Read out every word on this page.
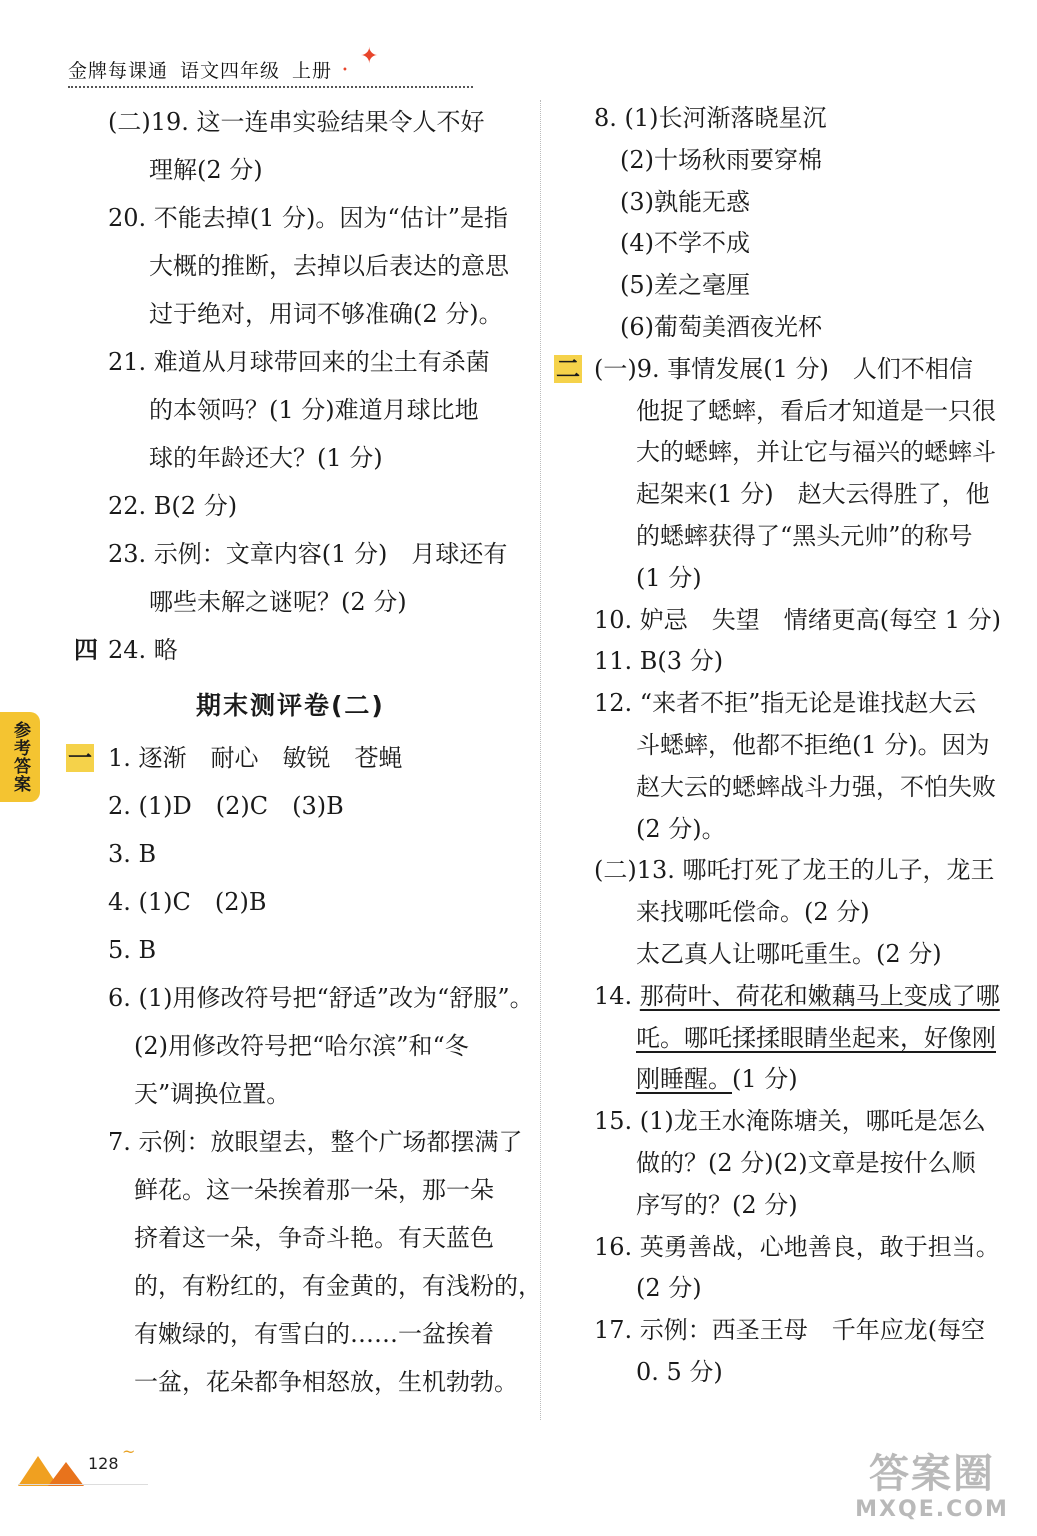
金牌每课通 语文四年级 上册
✦
•
参考答案
(二)19. 这一连串实验结果令人不好
理解(2 分)
20. 不能去掉(1 分)。因为“估计”是指
大概的推断，去掉以后表达的意思
过于绝对，用词不够准确(2 分)。
21. 难道从月球带回来的尘土有杀菌
的本领吗？(1 分)难道月球比地
球的年龄还大？(1 分)
22. B(2 分)
23. 示例：文章内容(1 分)　月球还有
哪些未解之谜呢？(2 分)
四 24. 略
期末测评卷(二)
一 1. 逐渐　耐心　敏锐　苍蝇
2. (1)D　(2)C　(3)B
3. B
4. (1)C　(2)B
5. B
6. (1)用修改符号把“舒适”改为“舒服”。
(2)用修改符号把“哈尔滨”和“冬
天”调换位置。
7. 示例：放眼望去，整个广场都摆满了
鲜花。这一朵挨着那一朵，那一朵
挤着这一朵，争奇斗艳。有天蓝色
的，有粉红的，有金黄的，有浅粉的，
有嫩绿的，有雪白的……一盆挨着
一盆，花朵都争相怒放，生机勃勃。
8. (1)长河渐落晓星沉
(2)十场秋雨要穿棉
(3)孰能无惑
(4)不学不成
(5)差之毫厘
(6)葡萄美酒夜光杯
二 (一)9. 事情发展(1 分)　人们不相信
他捉了蟋蟀，看后才知道是一只很
大的蟋蟀，并让它与福兴的蟋蟀斗
起架来(1 分)　赵大云得胜了，他
的蟋蟀获得了“黑头元帅”的称号
(1 分)
10. 妒忌　失望　情绪更高(每空 1 分)
11. B(3 分)
12. “来者不拒”指无论是谁找赵大云
斗蟋蟀，他都不拒绝(1 分)。因为
赵大云的蟋蟀战斗力强，不怕失败
(2 分)。
(二)13. 哪吒打死了龙王的儿子，龙王
来找哪吒偿命。(2 分)
太乙真人让哪吒重生。(2 分)
14. 那荷叶、荷花和嫩藕马上变成了哪
吒。哪吒揉揉眼睛坐起来，好像刚
刚睡醒。(1 分)
15. (1)龙王水淹陈塘关，哪吒是怎么
做的？(2 分)(2)文章是按什么顺
序写的？(2 分)
16. 英勇善战，心地善良，敢于担当。
(2 分)
17. 示例：西圣王母　千年应龙(每空
0. 5 分)
128
~	答案圈
MXQE.COM
